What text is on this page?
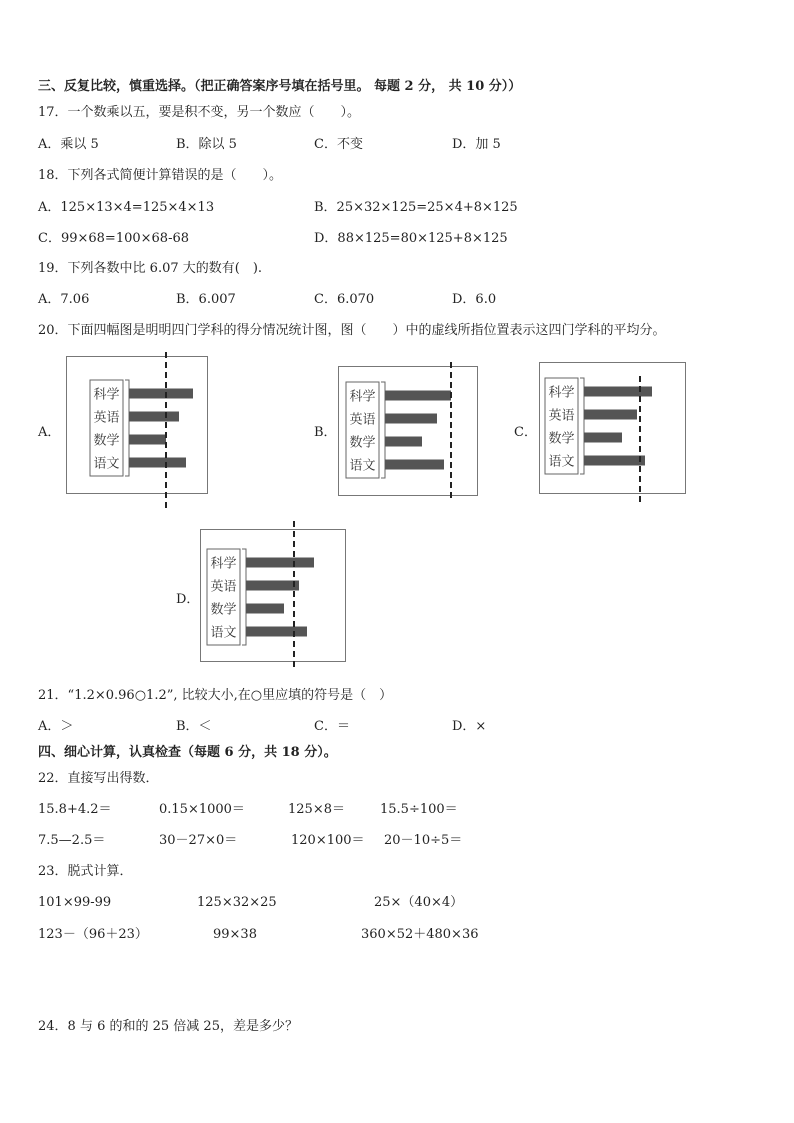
三、反复比较，慎重选择。（把正确答案序号填在括号里。 每题 2 分， 共 10 分））
17．一个数乘以五，要是积不变，另一个数应（　　）。
A．乘以 5	B．除以 5	C．不变	D．加 5
18．下列各式简便计算错误的是（　　）。
A．125×13×4=125×4×13	B．25×32×125=25×4+8×125
C．99×68=100×68-68	D．88×125=80×125+8×125
19．下列各数中比 6.07 大的数有(　).
A．7.06	B．6.007	C．6.070	D．6.0
20．下面四幅图是明明四门学科的得分情况统计图，图（　　）中的虚线所指位置表示这四门学科的平均分。
A．	B．	C．
D．
科学
英语
数学
语文
科学
英语
数学
语文
科学
英语
数学
语文
科学
英语
数学
语文
21．“1.2×0.96○1.2”, 比较大小,在○里应填的符号是（　）
A．＞	B．＜	C．＝	D．×
四、细心计算，认真检查（每题 6 分，共 18 分）。
22．直接写出得数．
15.8+4.2＝	0.15×1000＝	125×8＝	15.5÷100＝
7.5—2.5＝	30－27×0＝	120×100＝ 20－10÷5＝
23．脱式计算．
101×99-99	125×32×25	25×（40×4）
123－（96＋23）	99×38	360×52＋480×36
24．8 与 6 的和的 25 倍减 25，差是多少？
